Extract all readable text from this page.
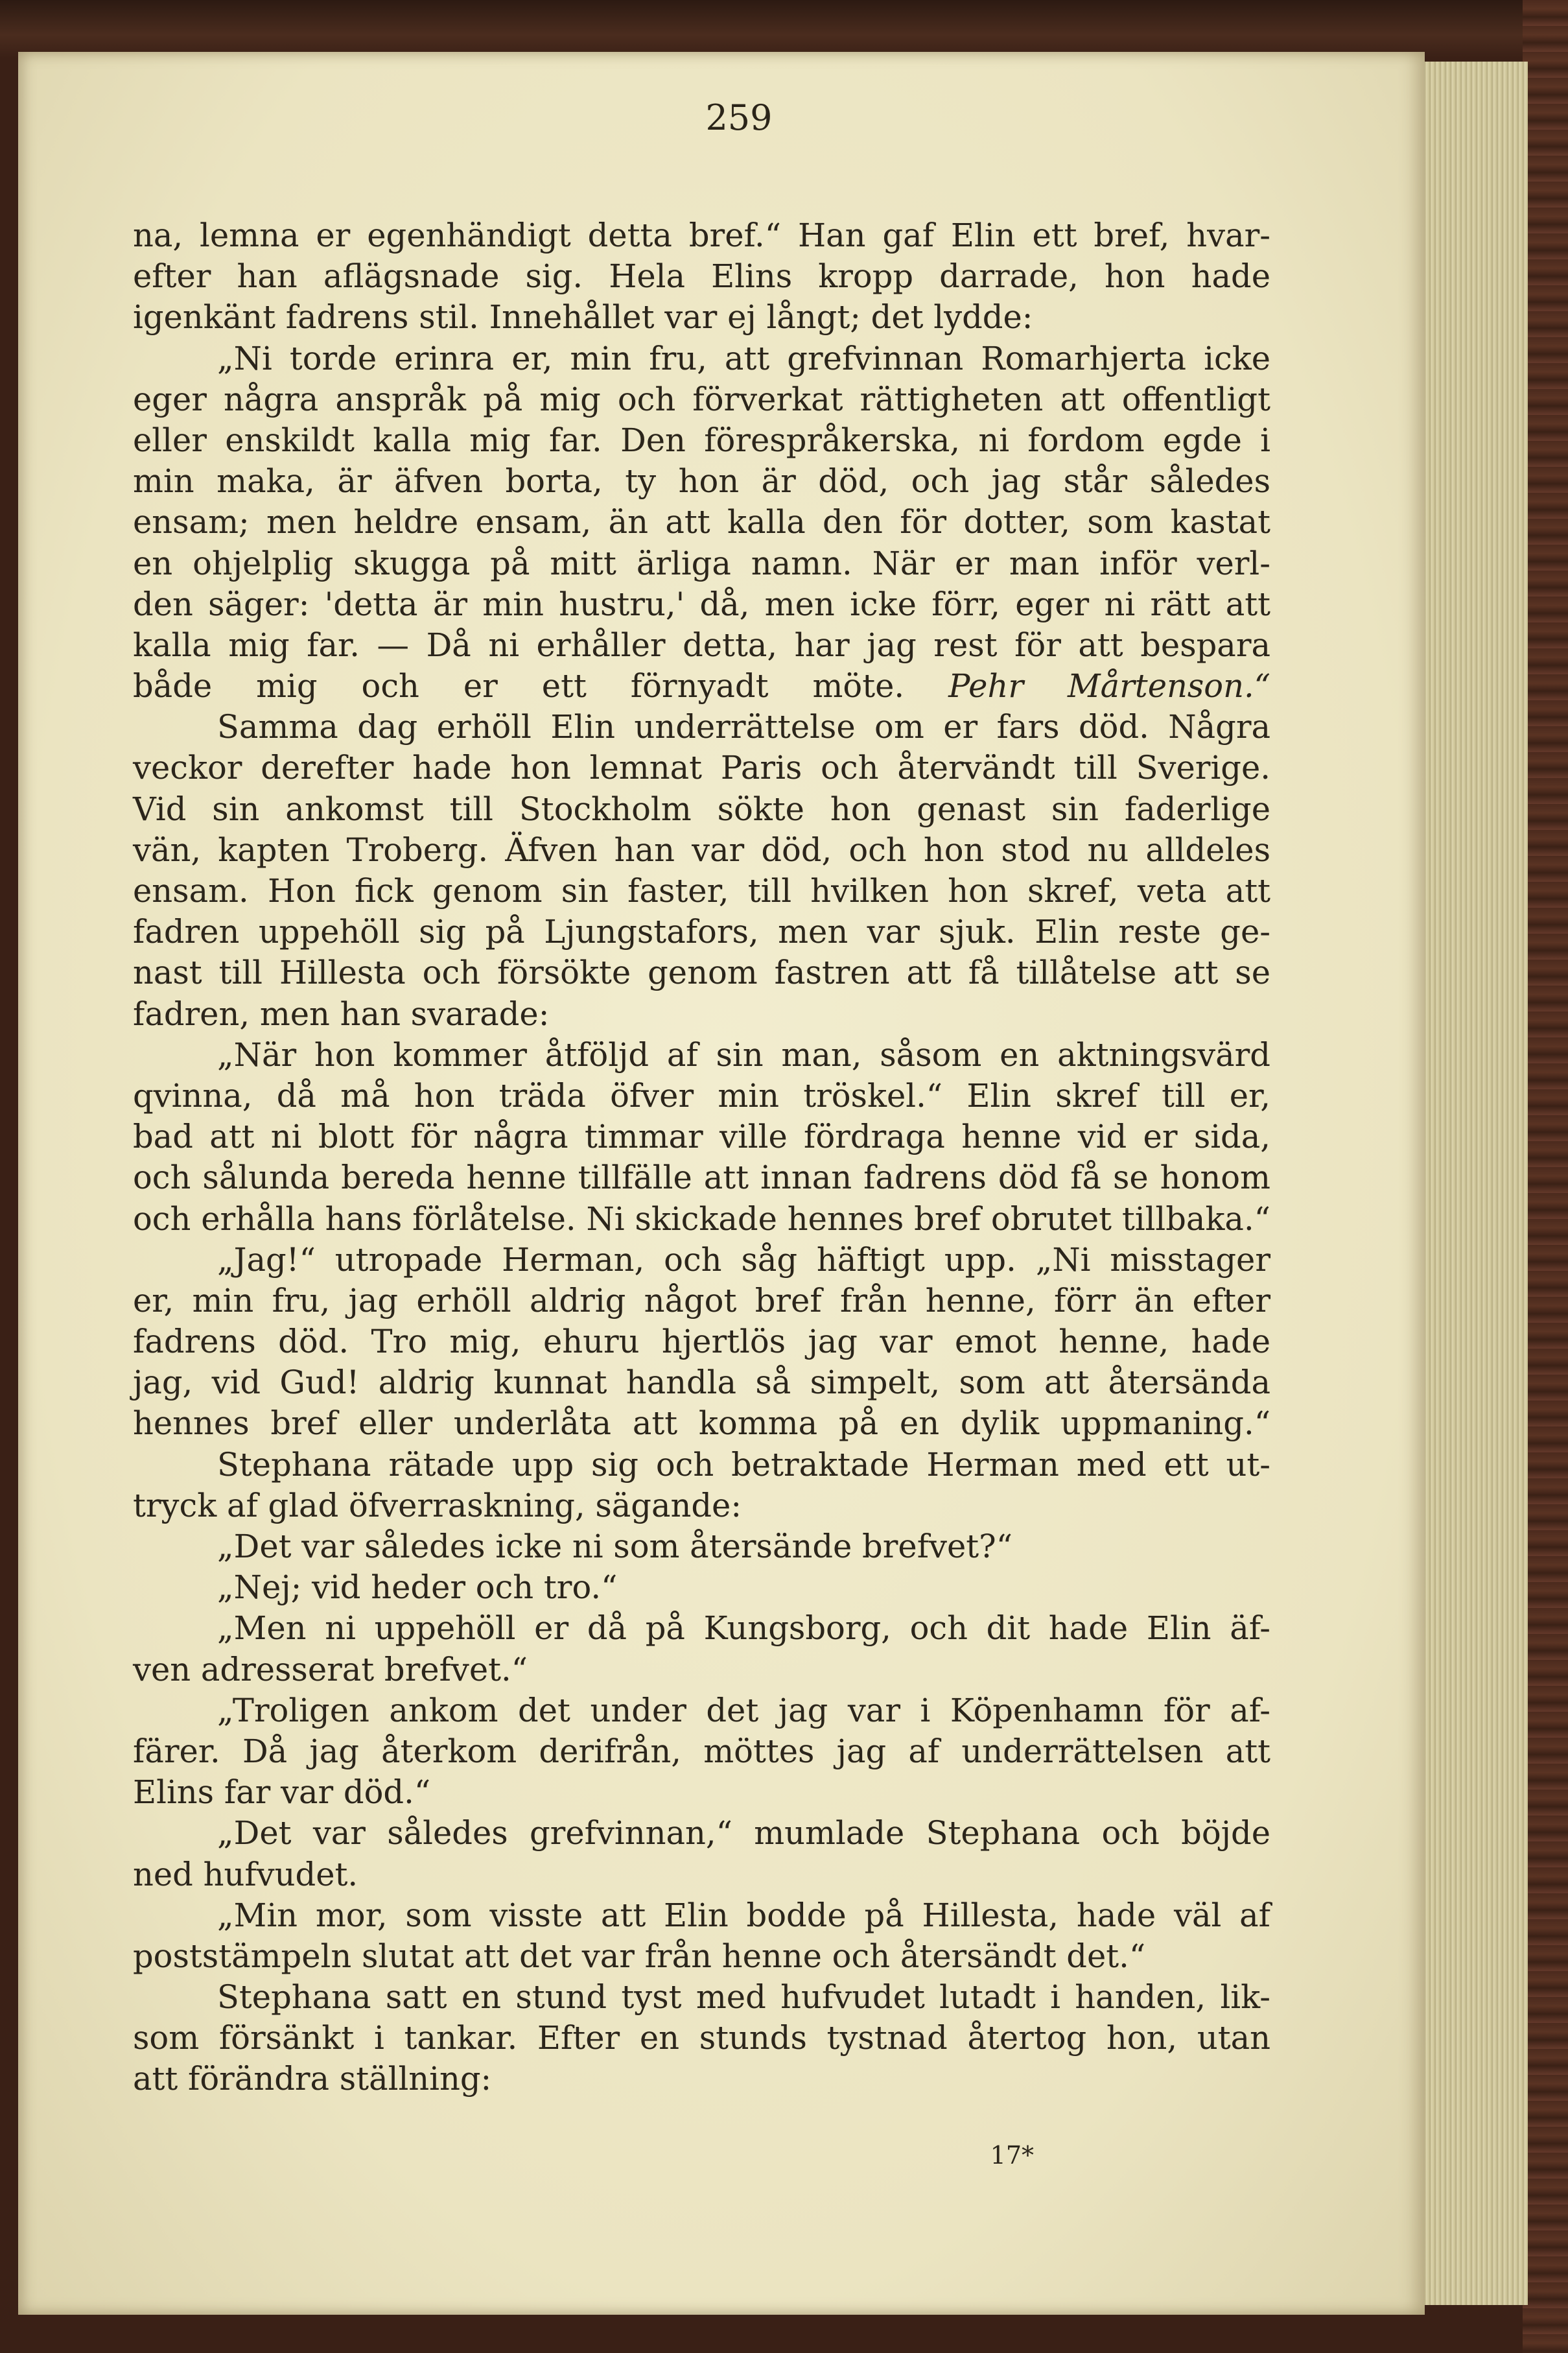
259
na, lemna er egenhändigt detta bref.“ Han gaf Elin ett bref, hvar-
efter han aflägsnade sig. Hela Elins kropp darrade, hon hade
igenkänt fadrens stil. Innehållet var ej långt; det lydde:
„Ni torde erinra er, min fru, att grefvinnan Romarhjerta icke
eger några anspråk på mig och förverkat rättigheten att offentligt
eller enskildt kalla mig far. Den förespråkerska, ni fordom egde i
min maka, är äfven borta, ty hon är död, och jag står således
ensam; men heldre ensam, än att kalla den för dotter, som kastat
en ohjelplig skugga på mitt ärliga namn. När er man inför verl-
den säger: 'detta är min hustru,' då, men icke förr, eger ni rätt att
kalla mig far. — Då ni erhåller detta, har jag rest för att bespara
både mig och er ett förnyadt möte. Pehr Mårtenson.“
Samma dag erhöll Elin underrättelse om er fars död. Några
veckor derefter hade hon lemnat Paris och återvändt till Sverige.
Vid sin ankomst till Stockholm sökte hon genast sin faderlige
vän, kapten Troberg. Äfven han var död, och hon stod nu alldeles
ensam. Hon fick genom sin faster, till hvilken hon skref, veta att
fadren uppehöll sig på Ljungstafors, men var sjuk. Elin reste ge-
nast till Hillesta och försökte genom fastren att få tillåtelse att se
fadren, men han svarade:
„När hon kommer åtföljd af sin man, såsom en aktningsvärd
qvinna, då må hon träda öfver min tröskel.“ Elin skref till er,
bad att ni blott för några timmar ville fördraga henne vid er sida,
och sålunda bereda henne tillfälle att innan fadrens död få se honom
och erhålla hans förlåtelse. Ni skickade hennes bref obrutet tillbaka.“
„Jag!“ utropade Herman, och såg häftigt upp. „Ni misstager
er, min fru, jag erhöll aldrig något bref från henne, förr än efter
fadrens död. Tro mig, ehuru hjertlös jag var emot henne, hade
jag, vid Gud! aldrig kunnat handla så simpelt, som att återsända
hennes bref eller underlåta att komma på en dylik uppmaning.“
Stephana rätade upp sig och betraktade Herman med ett ut-
tryck af glad öfverraskning, sägande:
„Det var således icke ni som återsände brefvet?“
„Nej; vid heder och tro.“
„Men ni uppehöll er då på Kungsborg, och dit hade Elin äf-
ven adresserat brefvet.“
„Troligen ankom det under det jag var i Köpenhamn för af-
färer. Då jag återkom derifrån, möttes jag af underrättelsen att
Elins far var död.“
„Det var således grefvinnan,“ mumlade Stephana och böjde
ned hufvudet.
„Min mor, som visste att Elin bodde på Hillesta, hade väl af
poststämpeln slutat att det var från henne och återsändt det.“
Stephana satt en stund tyst med hufvudet lutadt i handen, lik-
som försänkt i tankar. Efter en stunds tystnad återtog hon, utan
att förändra ställning:
17*
